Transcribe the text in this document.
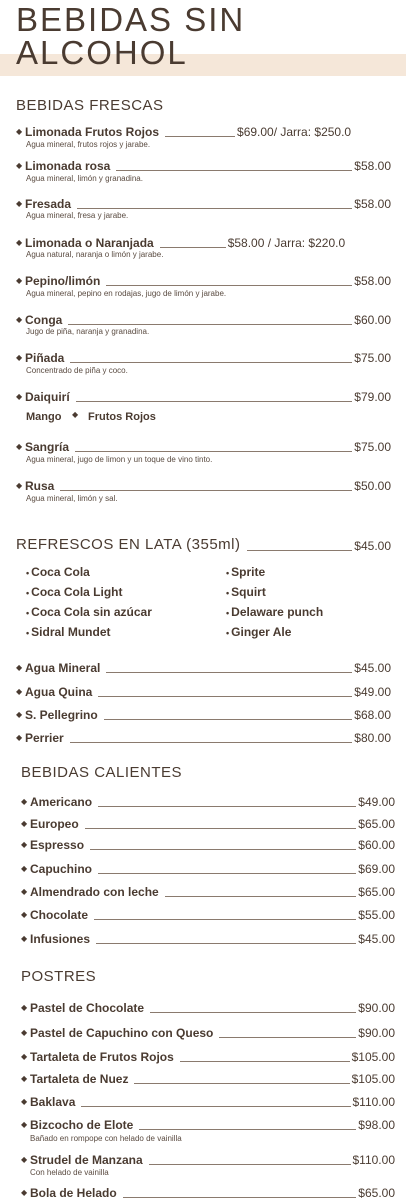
BEBIDAS SIN
ALCOHOL
BEBIDAS FRESCAS
◆ Limonada Frutos Rojos	$69.00/ Jarra: $250.0
Agua mineral, frutos rojos y jarabe.
◆ Limonada rosa	$58.00
Agua mineral, limón y granadina.
◆ Fresada	$58.00
Agua mineral, fresa y jarabe.
◆ Limonada o Naranjada	$58.00 / Jarra: $220.0
Agua natural, naranja o limón y jarabe.
◆ Pepino/limón	$58.00
Agua mineral, pepino en rodajas, jugo de limón y jarabe.
◆ Conga	$60.00
Jugo de piña, naranja y granadina.
◆ Piñada	$75.00
Concentrado de piña y coco.
◆ Daiquirí	$79.00
Mango ◆ Frutos Rojos
◆ Sangría	$75.00
Agua mineral, jugo de limon y un toque de vino tinto.
◆ Rusa	$50.00
Agua mineral, limón y sal.
REFRESCOS EN LATA (355ml)	$45.00
• Coca Cola
• Coca Cola Light
• Coca Cola sin azúcar
• Sidral Mundet
• Sprite
• Squirt
• Delaware punch
• Ginger Ale
◆ Agua Mineral	$45.00
◆ Agua Quina	$49.00
◆ S. Pellegrino	$68.00
◆ Perrier	$80.00
BEBIDAS CALIENTES
◆ Americano	$49.00
◆ Europeo	$65.00
◆ Espresso	$60.00
◆ Capuchino	$69.00
◆ Almendrado con leche	$65.00
◆ Chocolate	$55.00
◆ Infusiones	$45.00
POSTRES
◆ Pastel de Chocolate	$90.00
◆ Pastel de Capuchino con Queso	$90.00
◆ Tartaleta de Frutos Rojos	$105.00
◆ Tartaleta de Nuez	$105.00
◆ Baklava	$110.00
◆ Bizcocho de Elote	$98.00
Bañado en rompope con helado de vainilla
◆ Strudel de Manzana	$110.00
Con helado de vainilla
◆ Bola de Helado	$65.00
